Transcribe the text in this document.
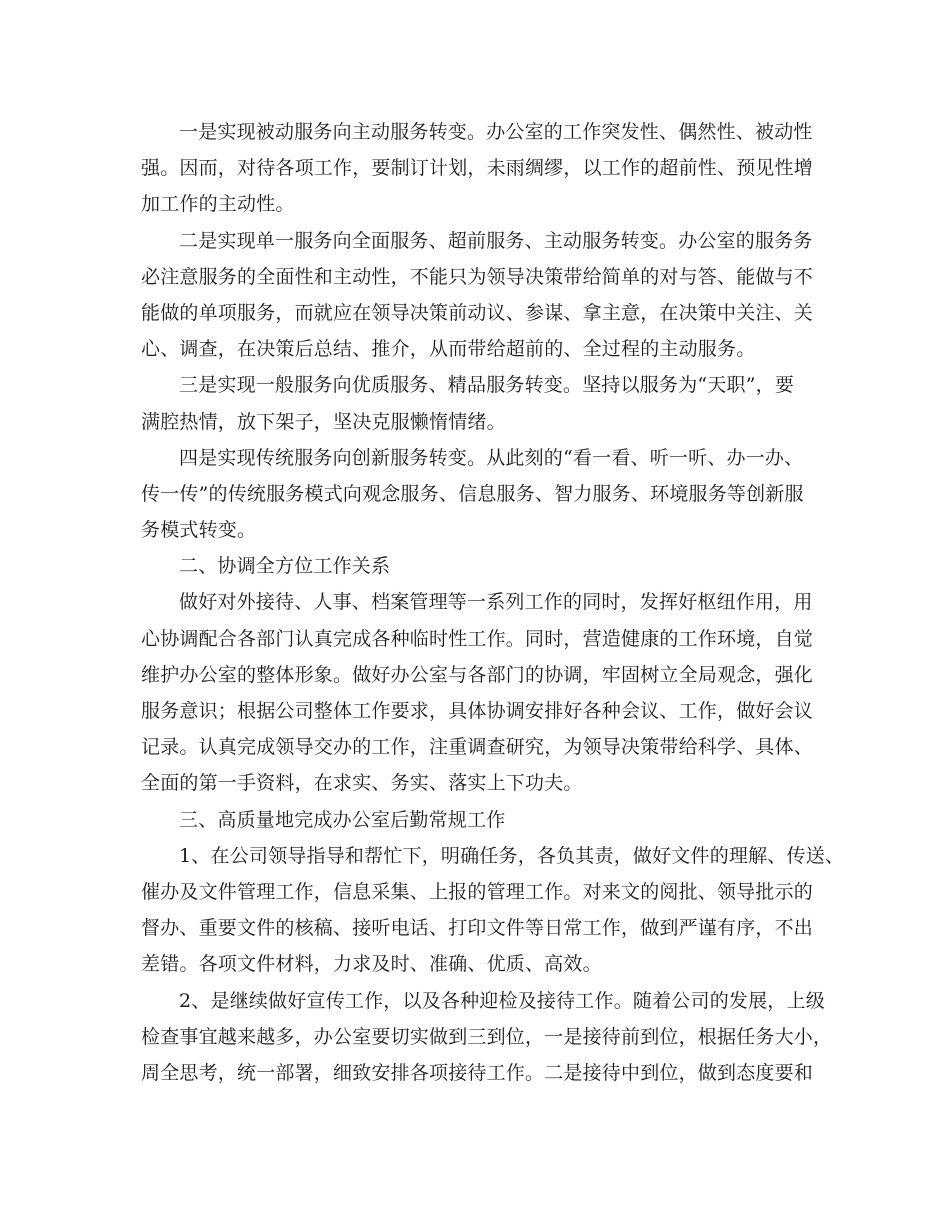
一是实现被动服务向主动服务转变。办公室的工作突发性、偶然性、被动性
强。因而，对待各项工作，要制订计划，未雨绸缪，以工作的超前性、预见性增
加工作的主动性。
二是实现单一服务向全面服务、超前服务、主动服务转变。办公室的服务务
必注意服务的全面性和主动性，不能只为领导决策带给简单的对与答、能做与不
能做的单项服务，而就应在领导决策前动议、参谋、拿主意，在决策中关注、关
心、调查，在决策后总结、推介，从而带给超前的、全过程的主动服务。
三是实现一般服务向优质服务、精品服务转变。坚持以服务为“天职”，要
满腔热情，放下架子，坚决克服懒惰情绪。
四是实现传统服务向创新服务转变。从此刻的“看一看、听一听、办一办、
传一传”的传统服务模式向观念服务、信息服务、智力服务、环境服务等创新服
务模式转变。
二、协调全方位工作关系
做好对外接待、人事、档案管理等一系列工作的同时，发挥好枢纽作用，用
心协调配合各部门认真完成各种临时性工作。同时，营造健康的工作环境，自觉
维护办公室的整体形象。做好办公室与各部门的协调，牢固树立全局观念，强化
服务意识；根据公司整体工作要求，具体协调安排好各种会议、工作，做好会议
记录。认真完成领导交办的工作，注重调查研究，为领导决策带给科学、具体、
全面的第一手资料，在求实、务实、落实上下功夫。
三、高质量地完成办公室后勤常规工作
1、在公司领导指导和帮忙下，明确任务，各负其责，做好文件的理解、传送、
催办及文件管理工作，信息采集、上报的管理工作。对来文的阅批、领导批示的
督办、重要文件的核稿、接听电话、打印文件等日常工作，做到严谨有序，不出
差错。各项文件材料，力求及时、准确、优质、高效。
2、是继续做好宣传工作，以及各种迎检及接待工作。随着公司的发展，上级
检查事宜越来越多，办公室要切实做到三到位，一是接待前到位，根据任务大小，
周全思考，统一部署，细致安排各项接待工作。二是接待中到位，做到态度要和
